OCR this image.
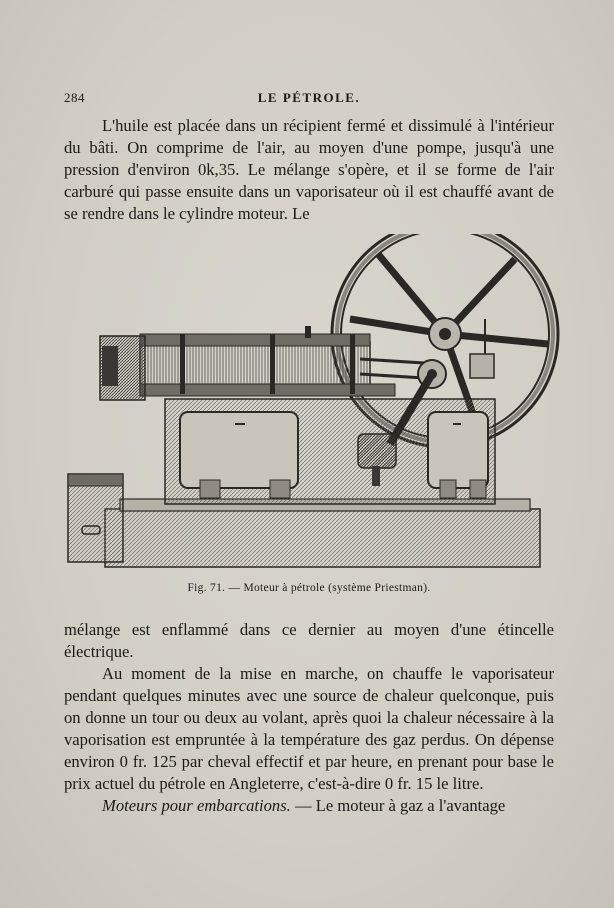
284	LE PÉTROLE.

L'huile est placée dans un récipient fermé et dissimulé à l'intérieur du bâti. On comprime de l'air, au moyen d'une pompe, jusqu'à une pression d'environ 0k,35. Le mélange s'opère, et il se forme de l'air carburé qui passe ensuite dans un vaporisateur où il est chauffé avant de se rendre dans le cylindre moteur. Le

Fig. 71. — Moteur à pétrole (système Priestman).

mélange est enflammé dans ce dernier au moyen d'une étincelle électrique.

Au moment de la mise en marche, on chauffe le vaporisateur pendant quelques minutes avec une source de chaleur quelconque, puis on donne un tour ou deux au volant, après quoi la chaleur nécessaire à la vaporisation est empruntée à la température des gaz perdus. On dépense environ 0 fr. 125 par cheval effectif et par heure, en prenant pour base le prix actuel du pétrole en Angleterre, c'est-à-dire 0 fr. 15 le litre.

Moteurs pour embarcations. — Le moteur à gaz a l'avantage
